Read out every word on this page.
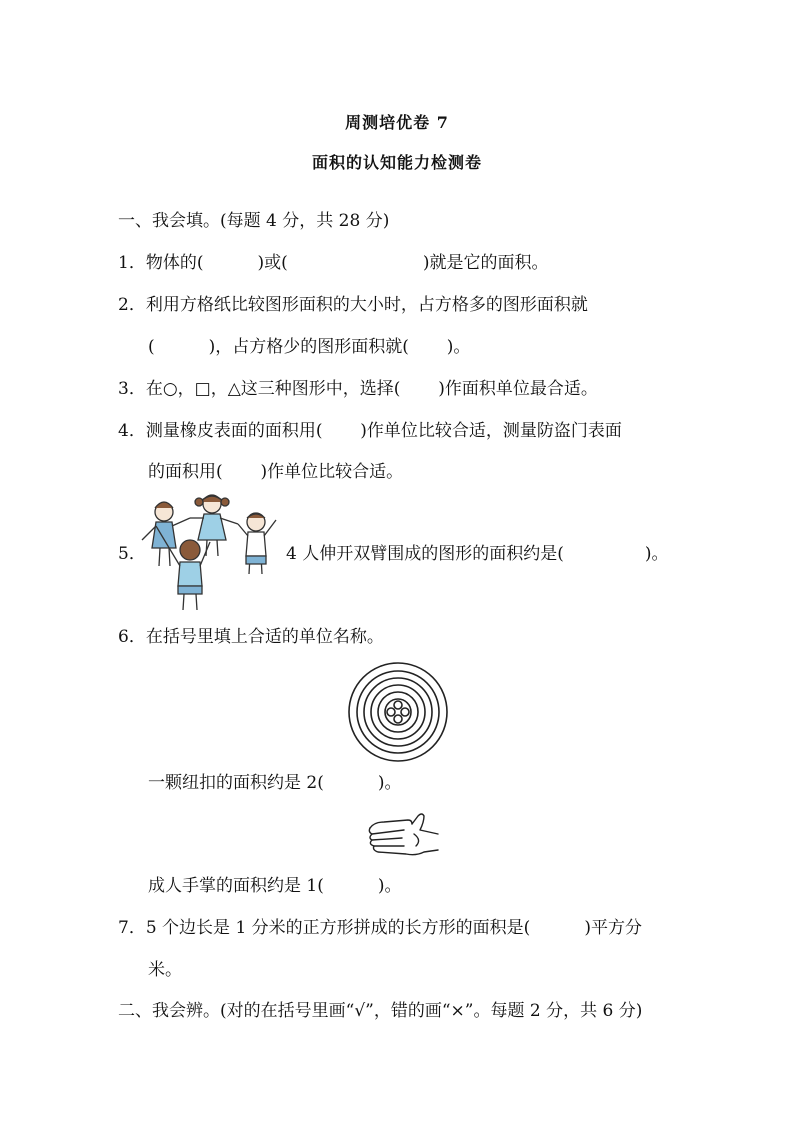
周测培优卷 7
面积的认知能力检测卷
一、我会填。(每题 4 分，共 28 分)
1．物体的(          )或(                         )就是它的面积。
2．利用方格纸比较图形面积的大小时，占方格多的图形面积就
(          )，占方格少的图形面积就(       )。
3．在○，□，△这三种图形中，选择(       )作面积单位最合适。
4．测量橡皮表面的面积用(       )作单位比较合适，测量防盗门表面
的面积用(       )作单位比较合适。
5．	4 人伸开双臂围成的图形的面积约是(               )。
6．在括号里填上合适的单位名称。
一颗纽扣的面积约是 2(          )。
成人手掌的面积约是 1(          )。
7．5 个边长是 1 分米的正方形拼成的长方形的面积是(          )平方分
米。
二、我会辨。(对的在括号里画“√”，错的画“×”。每题 2 分，共 6 分)
